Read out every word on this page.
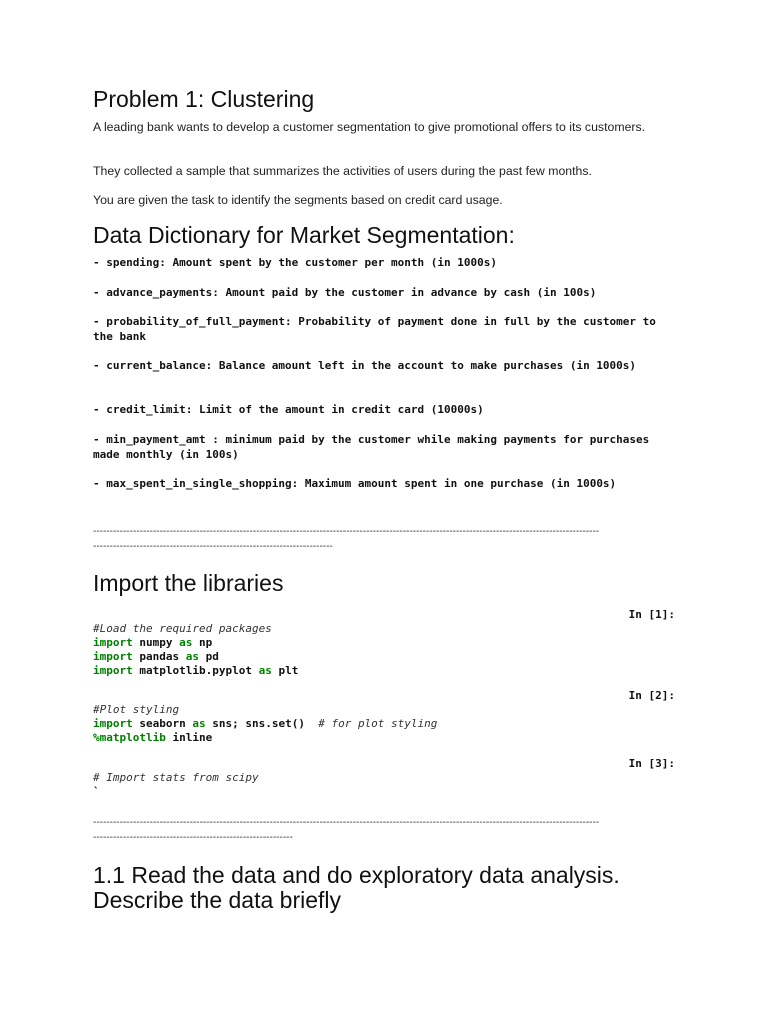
Problem 1: Clustering

A leading bank wants to develop a customer segmentation to give promotional offers to its customers.

They collected a sample that summarizes the activities of users during the past few months.

You are given the task to identify the segments based on credit card usage.

Data Dictionary for Market Segmentation:
- spending: Amount spent by the customer per month (in 1000s)
- advance_payments: Amount paid by the customer in advance by cash (in 100s)
- probability_of_full_payment: Probability of payment done in full by the customer to the bank
- current_balance: Balance amount left in the account to make purchases (in 1000s)
- credit_limit: Limit of the amount in credit card (10000s)
- min_payment_amt : minimum paid by the customer while making payments for purchases made monthly (in 100s)
- max_spent_in_single_shopping: Maximum amount spent in one purchase (in 1000s)
--------------------------------------------------------------------------------------------------------------------------------------------------------
------------------------------------------------------------------------
Import the libraries
In [1]:
#Load the required packages
import numpy as np
import pandas as pd
import matplotlib.pyplot as plt
In [2]:
#Plot styling
import seaborn as sns; sns.set() # for plot styling
%matplotlib inline
In [3]:
# Import stats from scipy
`
--------------------------------------------------------------------------------------------------------------------------------------------------------
------------------------------------------------------------
1.1 Read the data and do exploratory data analysis.
Describe the data briefly
